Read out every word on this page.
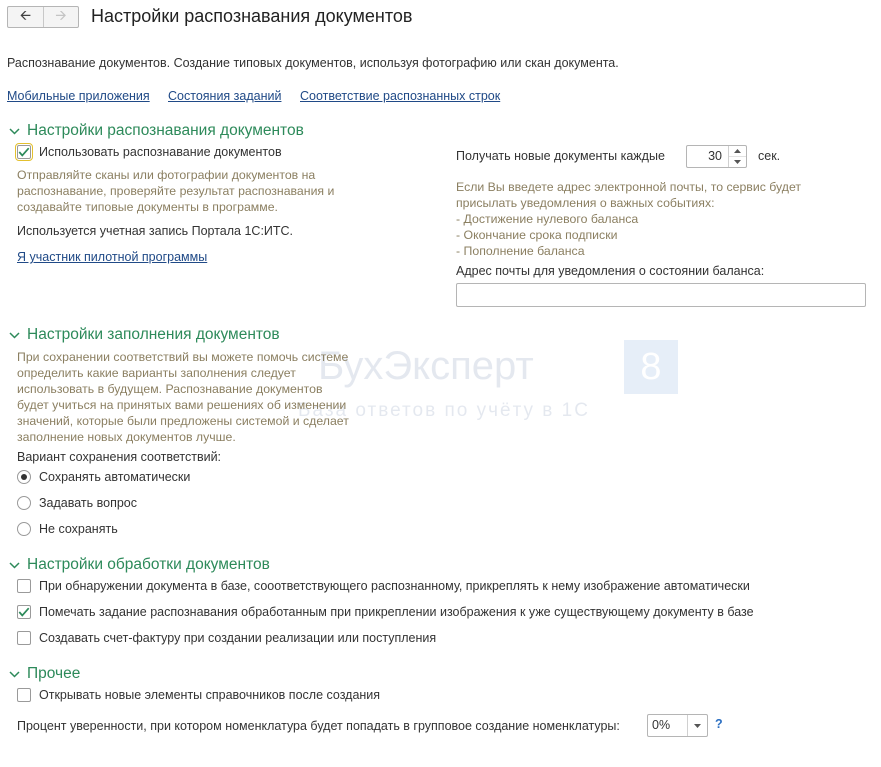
🡨 🡪 Настройки распознавания документов
Распознавание документов. Создание типовых документов, используя фотографию или скан документа.
Мобильные приложения Состояния заданий Соответствие распознанных строк
Настройки распознавания документов
Использовать распознавание документов
Отправляйте сканы или фотографии документов на
распознавание, проверяйте результат распознавания и
создавайте типовые документы в программе.
Используется учетная запись Портала 1С:ИТС.
Я участник пилотной программы
Получать новые документы каждые	30	сек.
Если Вы введете адрес электронной почты, то сервис будет
присылать уведомления о важных событиях:
- Достижение нулевого баланса
- Окончание срока подписки
- Пополнение баланса
Адрес почты для уведомления о состоянии баланса:
БухЭксперт
База ответов по учёту в 1С
8
Настройки заполнения документов
При сохранении соответствий вы можете помочь системе
определить какие варианты заполнения следует
использовать в будущем. Распознавание документов
будет учиться на принятых вами решениях об изменении
значений, которые были предложены системой и сделает
заполнение новых документов лучше.
Вариант сохранения соответствий:
Сохранять автоматически
Задавать вопрос
Не сохранять
Настройки обработки документов
При обнаружении документа в базе, сооответствующего распознанному, прикреплять к нему изображение автоматически
Помечать задание распознавания обработанным при прикреплении изображения к уже существующему документу в базе
Создавать счет-фактуру при создании реализации или поступления
Прочее
Открывать новые элементы справочников после создания
Процент уверенности, при котором номенклатура будет попадать в групповое создание номенклатуры:	0%	?
